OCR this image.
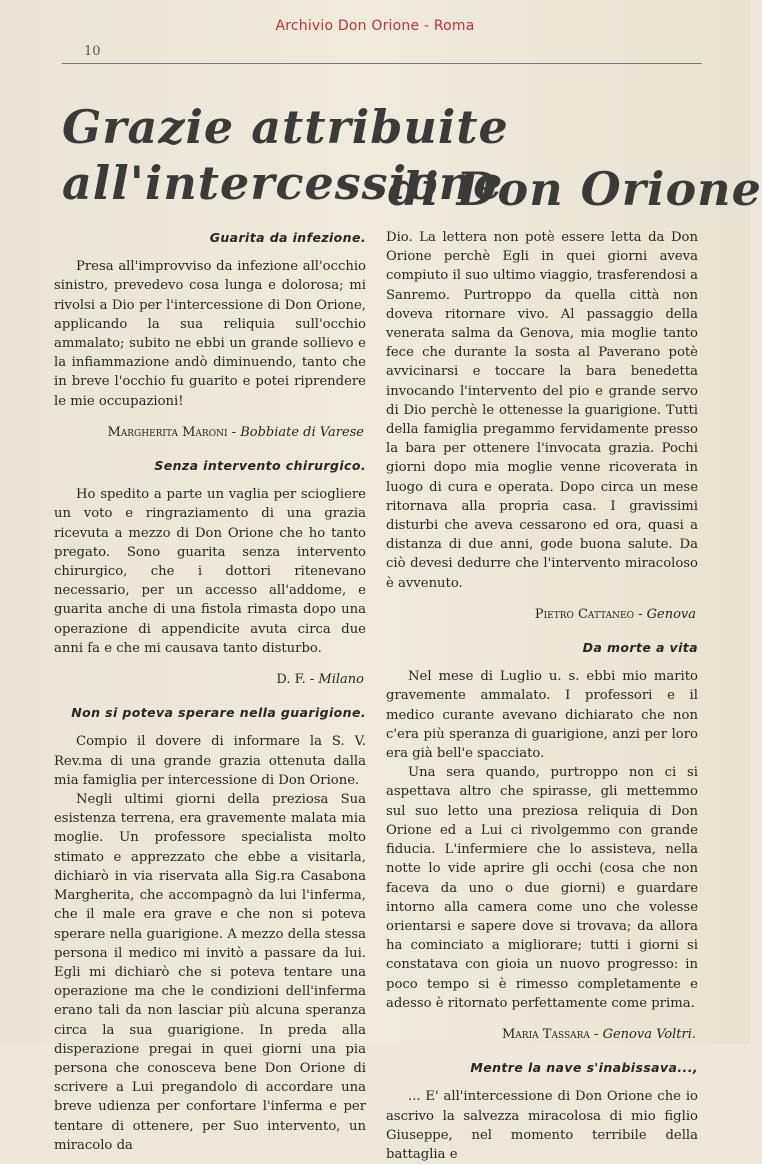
Archivio Don Orione - Roma
10
Grazie attribuite
all'intercessione
di Don Orione
Guarita da infezione.

Presa all'improvviso da infezione all'occhio sinistro, prevedevo cosa lunga e dolorosa; mi rivolsi a Dio per l'intercessione di Don Orione, applicando la sua reliquia sull'occhio ammalato; subito ne ebbi un grande sollievo e la infiammazione andò diminuendo, tanto che in breve l'occhio fu guarito e potei riprendere le mie occupazioni!

Margherita Maroni - Bobbiate di Varese
Senza intervento chirurgico.

Ho spedito a parte un vaglia per sciogliere un voto e ringraziamento di una grazia ricevuta a mezzo di Don Orione che ho tanto pregato. Sono guarita senza intervento chirurgico, che i dottori ritenevano necessario, per un accesso all'addome, e guarita anche di una fistola rimasta dopo una operazione di appendicite avuta circa due anni fa e che mi causava tanto disturbo.

D. F. - Milano
Non si poteva sperare nella guarigione.

Compio il dovere di informare la S. V. Rev.ma di una grande grazia ottenuta dalla mia famiglia per intercessione di Don Orione.

Negli ultimi giorni della preziosa Sua esistenza terrena, era gravemente malata mia moglie. Un professore specialista molto stimato e apprezzato che ebbe a visitarla, dichiarò in via riservata alla Sig.ra Casabona Margherita, che accompagnò da lui l'inferma, che il male era grave e che non si poteva sperare nella guarigione. A mezzo della stessa persona il medico mi invitò a passare da lui. Egli mi dichiarò che si poteva tentare una operazione ma che le condizioni dell'inferma erano tali da non lasciar più alcuna speranza circa la sua guarigione. In preda alla disperazione pregai in quei giorni una pia persona che conosceva bene Don Orione di scrivere a Lui pregandolo di accordare una breve udienza per confortare l'inferma e per tentare di ottenere, per Suo intervento, un miracolo da

Dio. La lettera non potè essere letta da Don Orione perchè Egli in quei giorni aveva compiuto il suo ultimo viaggio, trasferendosi a Sanremo. Purtroppo da quella città non doveva ritornare vivo. Al passaggio della venerata salma da Genova, mia moglie tanto fece che durante la sosta al Paverano potè avvicinarsi e toccare la bara benedetta invocando l'intervento del pio e grande servo di Dio perchè le ottenesse la guarigione. Tutti della famiglia pregammo fervidamente presso la bara per ottenere l'invocata grazia. Pochi giorni dopo mia moglie venne ricoverata in luogo di cura e operata. Dopo circa un mese ritornava alla propria casa. I gravissimi disturbi che aveva cessarono ed ora, quasi a distanza di due anni, gode buona salute. Da ciò devesi dedurre che l'intervento miracoloso è avvenuto.

Pietro Cattaneo - Genova
Da morte a vita

Nel mese di Luglio u. s. ebbi mio marito gravemente ammalato. I professori e il medico curante avevano dichiarato che non c'era più speranza di guarigione, anzi per loro era già bell'e spacciato.

Una sera quando, purtroppo non ci si aspettava altro che spirasse, gli mettemmo sul suo letto una preziosa reliquia di Don Orione ed a Lui ci rivolgemmo con grande fiducia. L'infermiere che lo assisteva, nella notte lo vide aprire gli occhi (cosa che non faceva da uno o due giorni) e guardare intorno alla camera come uno che volesse orientarsi e sapere dove si trovava; da allora ha cominciato a migliorare; tutti i giorni si constatava con gioia un nuovo progresso: in poco tempo si è rimesso completamente e adesso è ritornato perfettamente come prima.

Maria Tassara - Genova Voltri.
Mentre la nave s'inabissava...,

... E' all'intercessione di Don Orione che io ascrivo la salvezza miracolosa di mio figlio Giuseppe, nel momento terribile della battaglia e
